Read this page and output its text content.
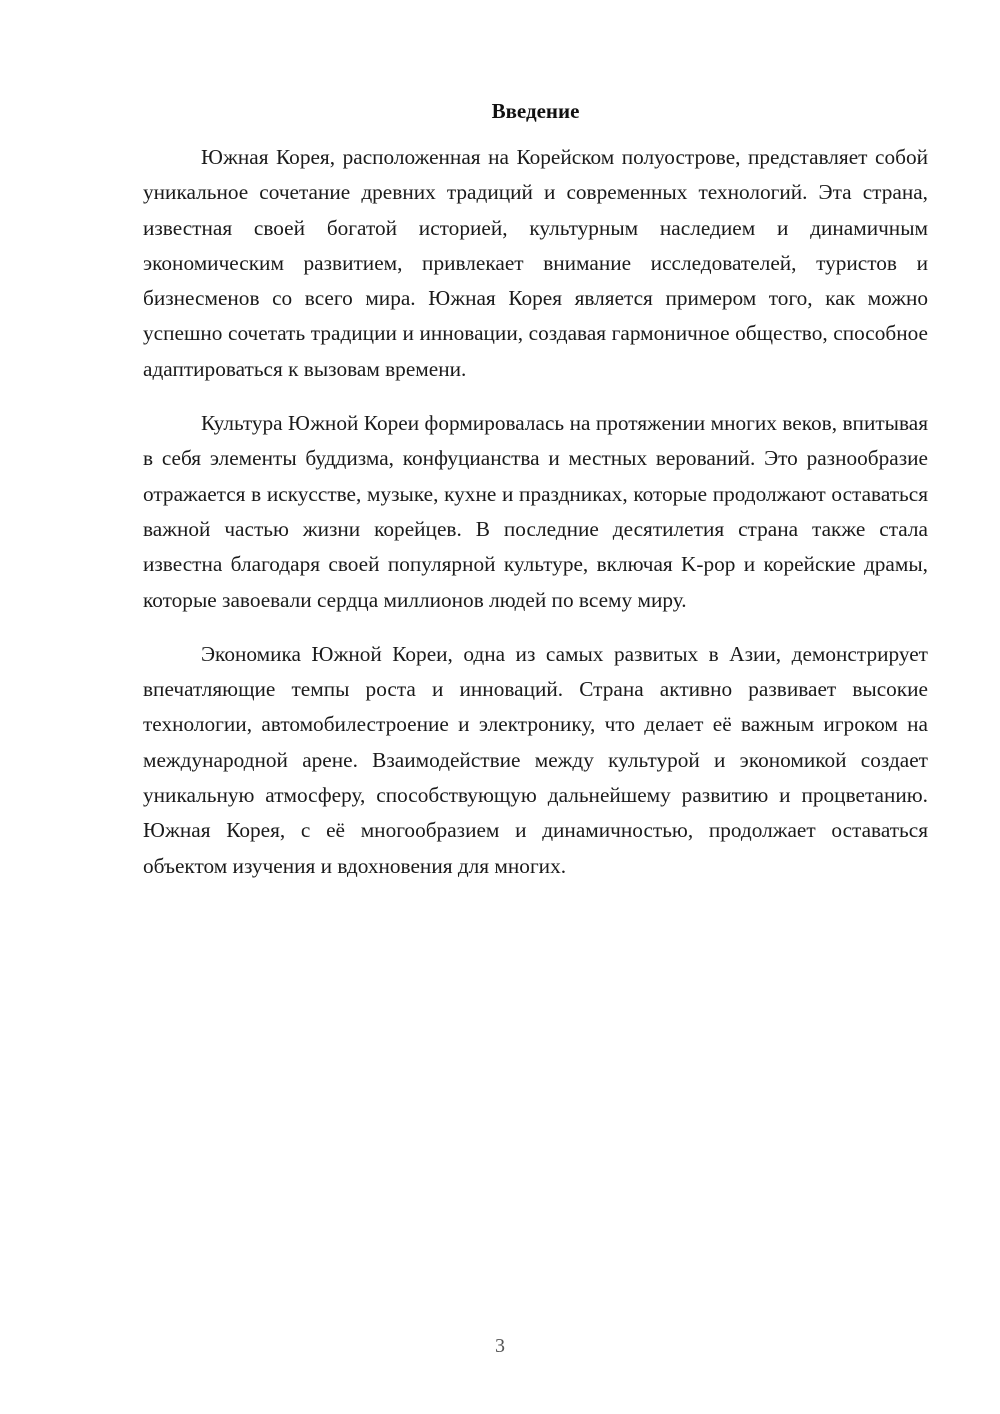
Введение

Южная Корея, расположенная на Корейском полуострове, представляет собой уникальное сочетание древних традиций и современных технологий. Эта страна, известная своей богатой историей, культурным наследием и динамичным экономическим развитием, привлекает внимание исследователей, туристов и бизнесменов со всего мира. Южная Корея является примером того, как можно успешно сочетать традиции и инновации, создавая гармоничное общество, способное адаптироваться к вызовам времени.

Культура Южной Кореи формировалась на протяжении многих веков, впитывая в себя элементы буддизма, конфуцианства и местных верований. Это разнообразие отражается в искусстве, музыке, кухне и праздниках, которые продолжают оставаться важной частью жизни корейцев. В последние десятилетия страна также стала известна благодаря своей популярной культуре, включая K-pop и корейские драмы, которые завоевали сердца миллионов людей по всему миру.

Экономика Южной Кореи, одна из самых развитых в Азии, демонстрирует впечатляющие темпы роста и инноваций. Страна активно развивает высокие технологии, автомобилестроение и электронику, что делает её важным игроком на международной арене. Взаимодействие между культурой и экономикой создает уникальную атмосферу, способствующую дальнейшему развитию и процветанию. Южная Корея, с её многообразием и динамичностью, продолжает оставаться объектом изучения и вдохновения для многих.

3
